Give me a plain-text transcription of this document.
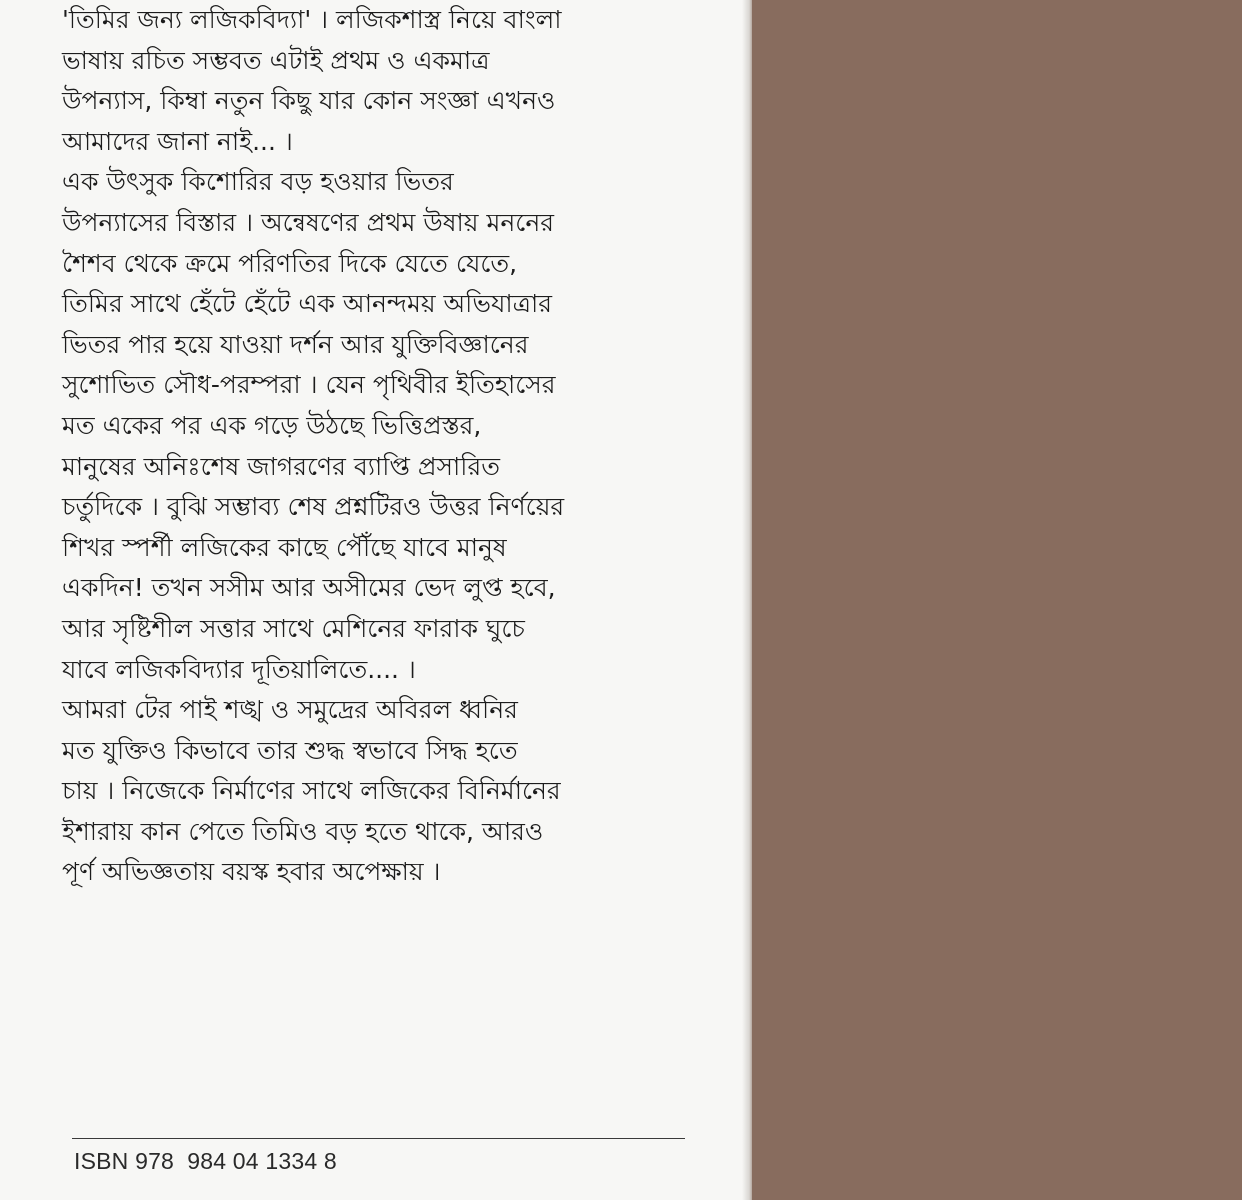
'তিমির জন্য লজিকবিদ্যা' । লজিকশাস্ত্র নিয়ে বাংলা
ভাষায় রচিত সম্ভবত এটাই প্রথম ও একমাত্র
উপন্যাস, কিম্বা নতুন কিছু যার কোন সংজ্ঞা এখনও
আমাদের জানা নাই... ।
এক উৎসুক কিশোরির বড় হওয়ার ভিতর
উপন্যাসের বিস্তার । অন্বেষণের প্রথম উষায় মননের
শৈশব থেকে ক্রমে পরিণতির দিকে যেতে যেতে,
তিমির সাথে হেঁটে হেঁটে এক আনন্দময় অভিযাত্রার
ভিতর পার হয়ে যাওয়া দর্শন আর যুক্তিবিজ্ঞানের
সুশোভিত সৌধ-পরম্পরা । যেন পৃথিবীর ইতিহাসের
মত একের পর এক গড়ে উঠছে ভিত্তিপ্রস্তর,
মানুষের অনিঃশেষ জাগরণের ব্যাপ্তি প্রসারিত
চর্তুদিকে । বুঝি সম্ভাব্য শেষ প্রশ্নটিরও উত্তর নির্ণয়ের
শিখর স্পর্শী লজিকের কাছে পৌঁছে যাবে মানুষ
একদিন! তখন সসীম আর অসীমের ভেদ লুপ্ত হবে,
আর সৃষ্টিশীল সত্তার সাথে মেশিনের ফারাক ঘুচে
যাবে লজিকবিদ্যার দূতিয়ালিতে.... ।
আমরা টের পাই শঙ্খ ও সমুদ্রের অবিরল ধ্বনির
মত যুক্তিও কিভাবে তার শুদ্ধ স্বভাবে সিদ্ধ হতে
চায় । নিজেকে নির্মাণের সাথে লজিকের বিনির্মানের
ইশারায় কান পেতে তিমিও বড় হতে থাকে, আরও
পূর্ণ অভিজ্ঞতায় বয়স্ক হবার অপেক্ষায় ।
ISBN 978  984 04 1334 8
